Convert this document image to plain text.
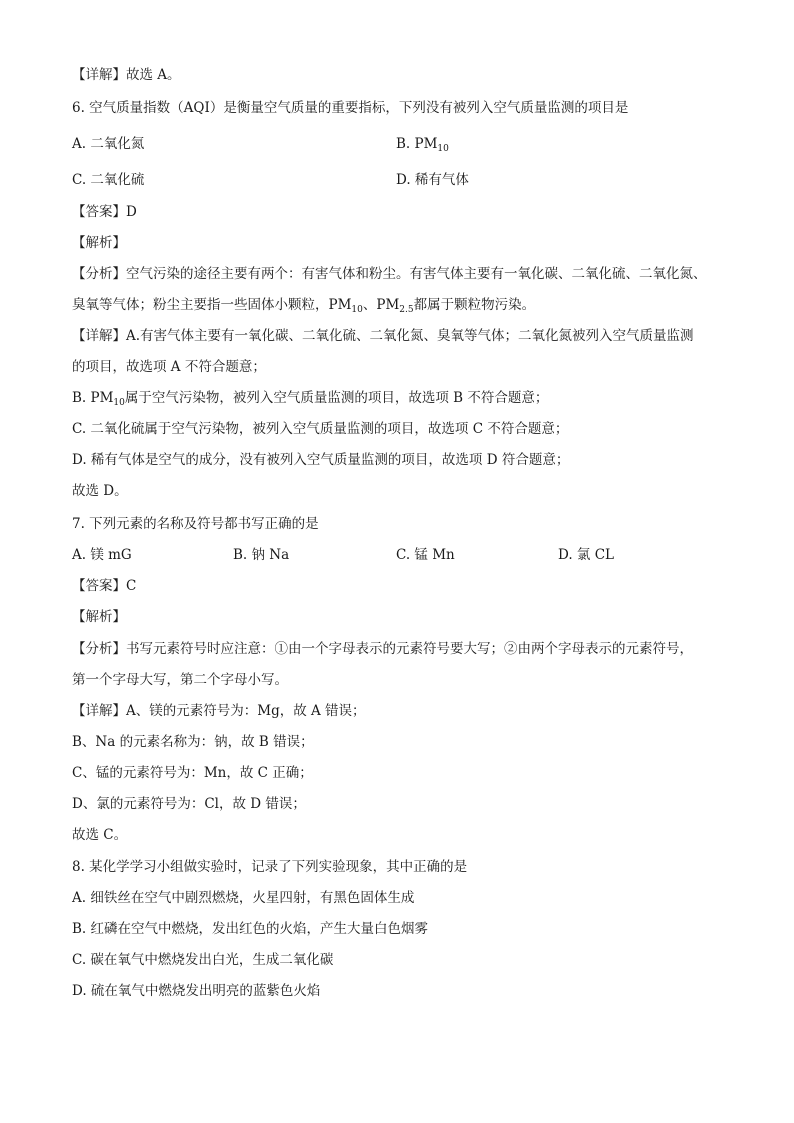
【详解】故选 A。
6. 空气质量指数（AQI）是衡量空气质量的重要指标，下列没有被列入空气质量监测的项目是
A. 二氧化氮	B. $PM_{10}$
C. 二氧化硫	D. 稀有气体
【答案】D
【解析】
【分析】空气污染的途径主要有两个：有害气体和粉尘。有害气体主要有一氧化碳、二氧化硫、二氧化氮、
臭氧等气体；粉尘主要指一些固体小颗粒，$PM_{10}$、$PM_{2.5}$都属于颗粒物污染。
【详解】A.有害气体主要有一氧化碳、二氧化硫、二氧化氮、臭氧等气体；二氧化氮被列入空气质量监测
的项目，故选项 A 不符合题意；
B. $PM_{10}$属于空气污染物，被列入空气质量监测的项目，故选项 B 不符合题意；
C. 二氧化硫属于空气污染物，被列入空气质量监测的项目，故选项 C 不符合题意；
D. 稀有气体是空气的成分，没有被列入空气质量监测的项目，故选项 D 符合题意；
故选 D。
7. 下列元素的名称及符号都书写正确的是
A. 镁 mG	B. 钠 Na	C. 锰 Mn	D. 氯 CL
【答案】C
【解析】
【分析】书写元素符号时应注意：①由一个字母表示的元素符号要大写；②由两个字母表示的元素符号，
第一个字母大写，第二个字母小写。
【详解】A、镁的元素符号为：Mg，故 A 错误；
B、Na 的元素名称为：钠，故 B 错误；
C、锰的元素符号为：Mn，故 C 正确；
D、氯的元素符号为：Cl，故 D 错误；
故选 C。
8. 某化学学习小组做实验时，记录了下列实验现象，其中正确的是
A. 细铁丝在空气中剧烈燃烧，火星四射，有黑色固体生成
B. 红磷在空气中燃烧，发出红色的火焰，产生大量白色烟雾
C. 碳在氧气中燃烧发出白光，生成二氧化碳
D. 硫在氧气中燃烧发出明亮的蓝紫色火焰
